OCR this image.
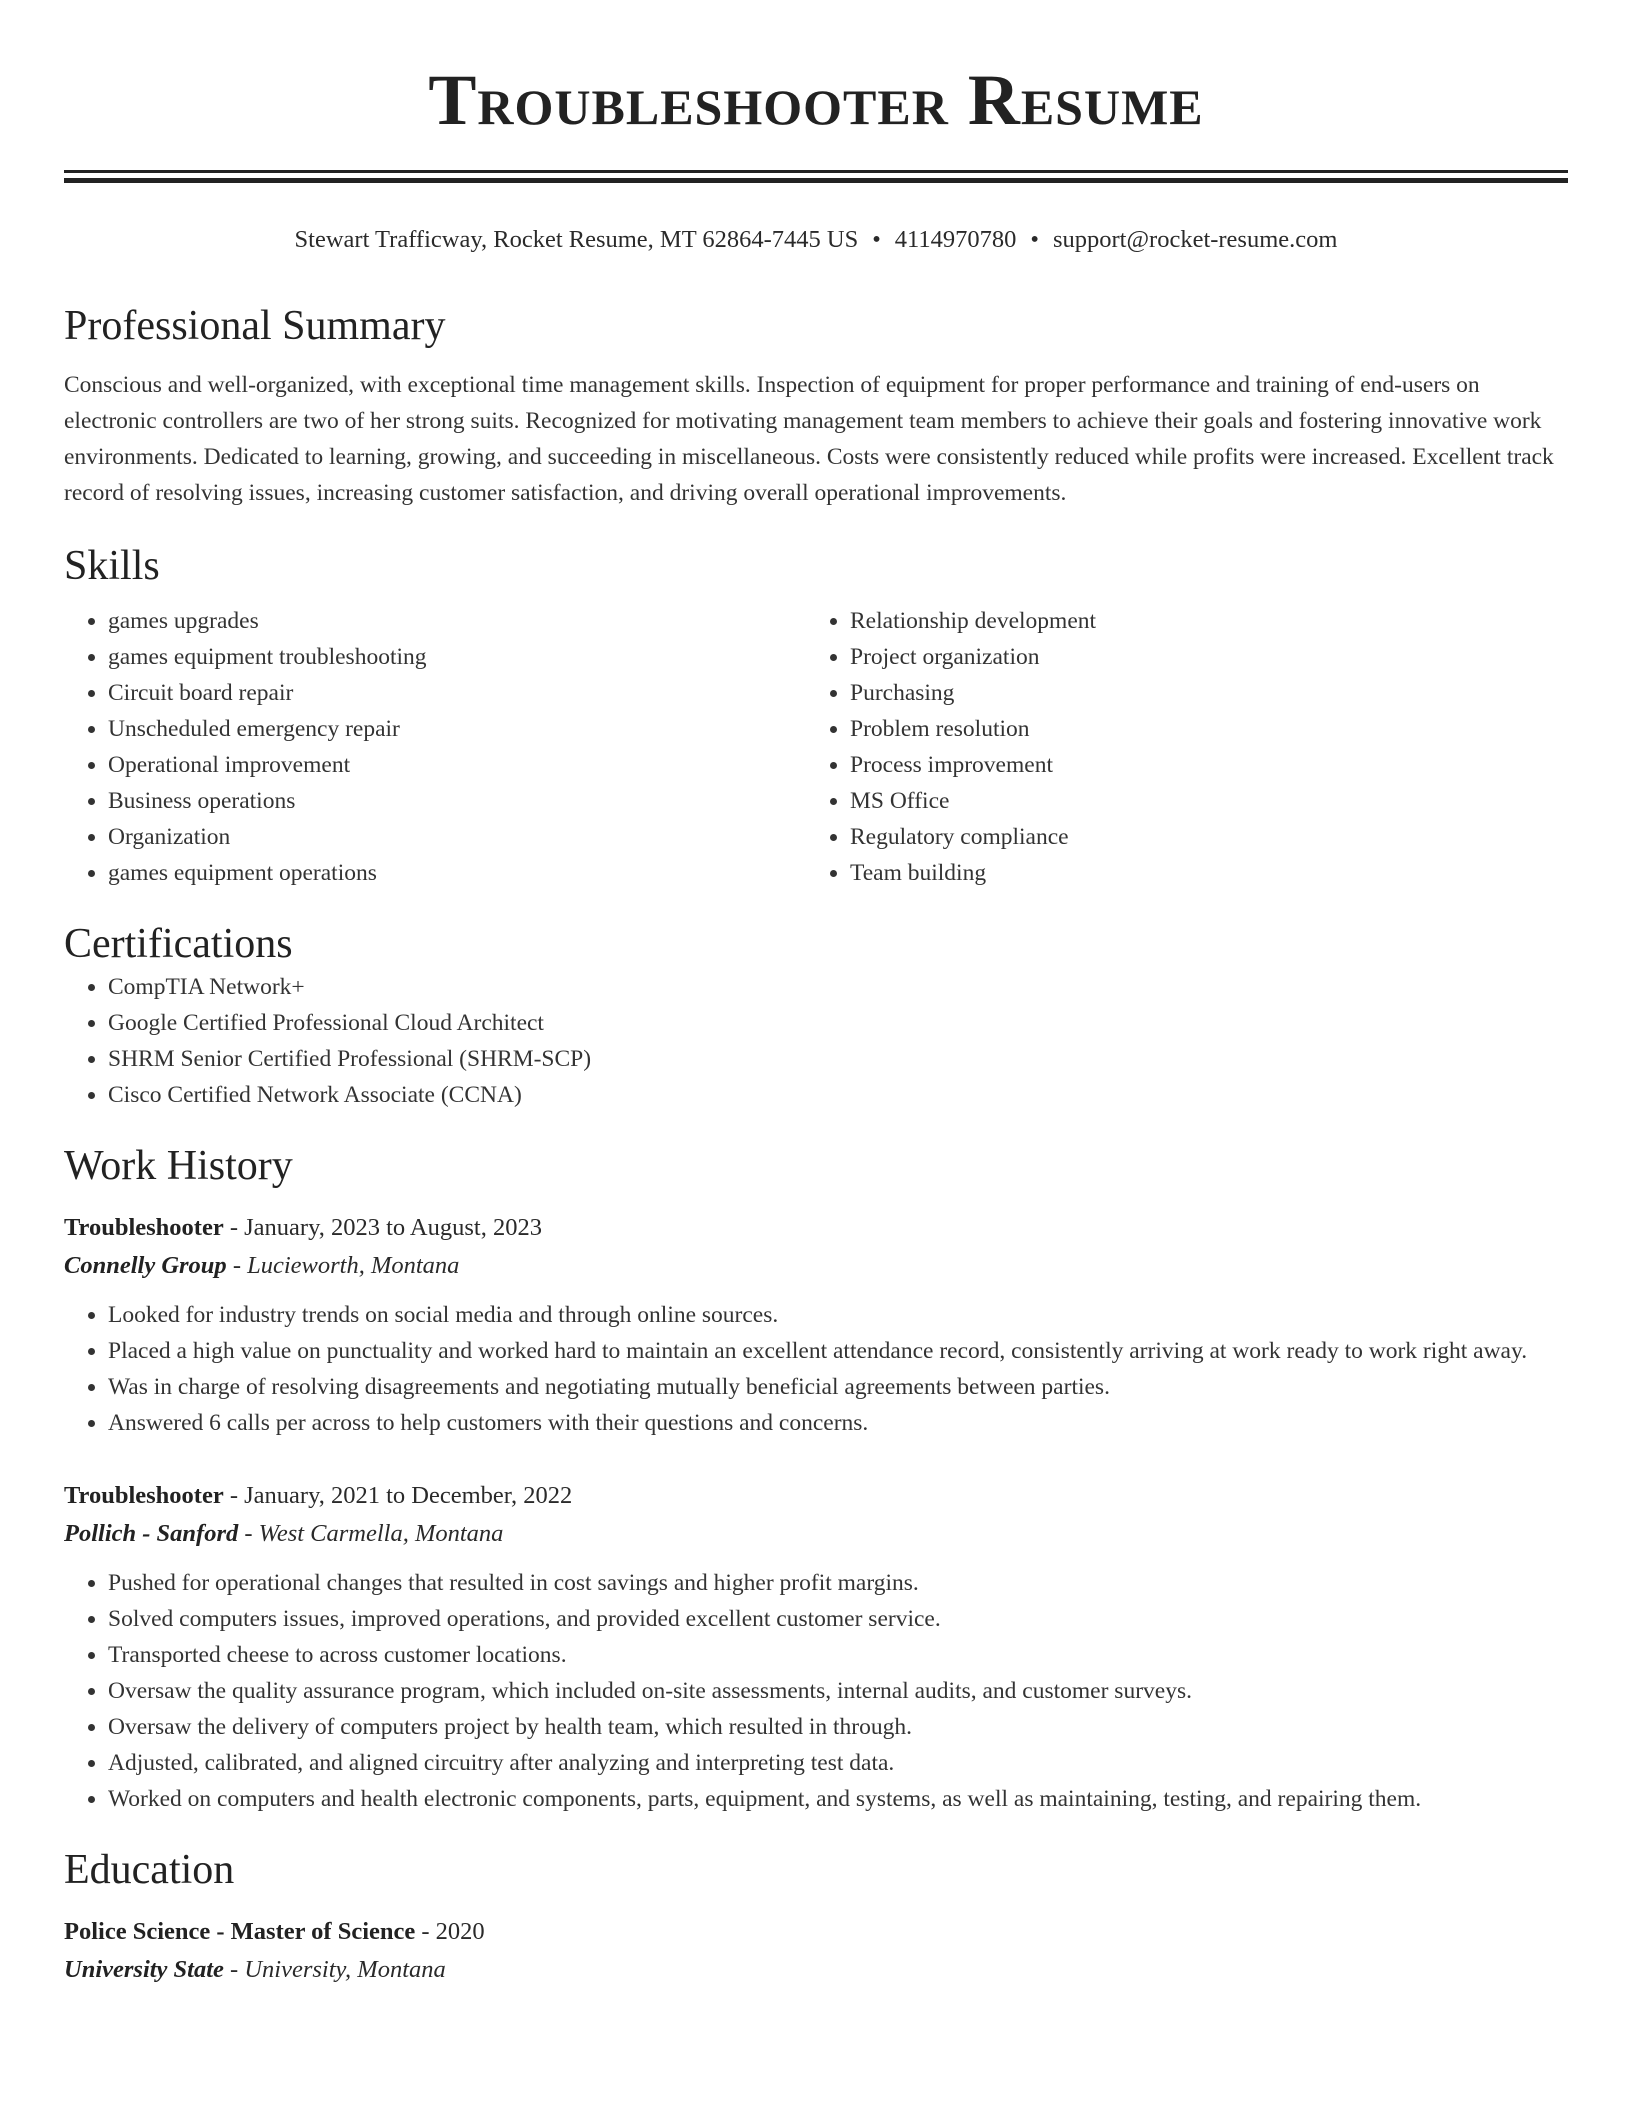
Troubleshooter Resume
Stewart Trafficway, Rocket Resume, MT 62864-7445 US • 4114970780 • support@rocket-resume.com
Professional Summary

Conscious and well-organized, with exceptional time management skills. Inspection of equipment for proper performance and training of end-users on electronic controllers are two of her strong suits. Recognized for motivating management team members to achieve their goals and fostering innovative work environments. Dedicated to learning, growing, and succeeding in miscellaneous. Costs were consistently reduced while profits were increased. Excellent track record of resolving issues, increasing customer satisfaction, and driving overall operational improvements.

Skills
• games upgrades
• games equipment troubleshooting
• Circuit board repair
• Unscheduled emergency repair
• Operational improvement
• Business operations
• Organization
• games equipment operations
• Relationship development
• Project organization
• Purchasing
• Problem resolution
• Process improvement
• MS Office
• Regulatory compliance
• Team building
Certifications
• CompTIA Network+
• Google Certified Professional Cloud Architect
• SHRM Senior Certified Professional (SHRM-SCP)
• Cisco Certified Network Associate (CCNA)
Work History
Troubleshooter - January, 2023 to August, 2023
Connelly Group - Lucieworth, Montana
• Looked for industry trends on social media and through online sources.
• Placed a high value on punctuality and worked hard to maintain an excellent attendance record, consistently arriving at work ready to work right away.
• Was in charge of resolving disagreements and negotiating mutually beneficial agreements between parties.
• Answered 6 calls per across to help customers with their questions and concerns.
Troubleshooter - January, 2021 to December, 2022
Pollich - Sanford - West Carmella, Montana
• Pushed for operational changes that resulted in cost savings and higher profit margins.
• Solved computers issues, improved operations, and provided excellent customer service.
• Transported cheese to across customer locations.
• Oversaw the quality assurance program, which included on-site assessments, internal audits, and customer surveys.
• Oversaw the delivery of computers project by health team, which resulted in through.
• Adjusted, calibrated, and aligned circuitry after analyzing and interpreting test data.
• Worked on computers and health electronic components, parts, equipment, and systems, as well as maintaining, testing, and repairing them.
Education
Police Science - Master of Science - 2020
University State - University, Montana
